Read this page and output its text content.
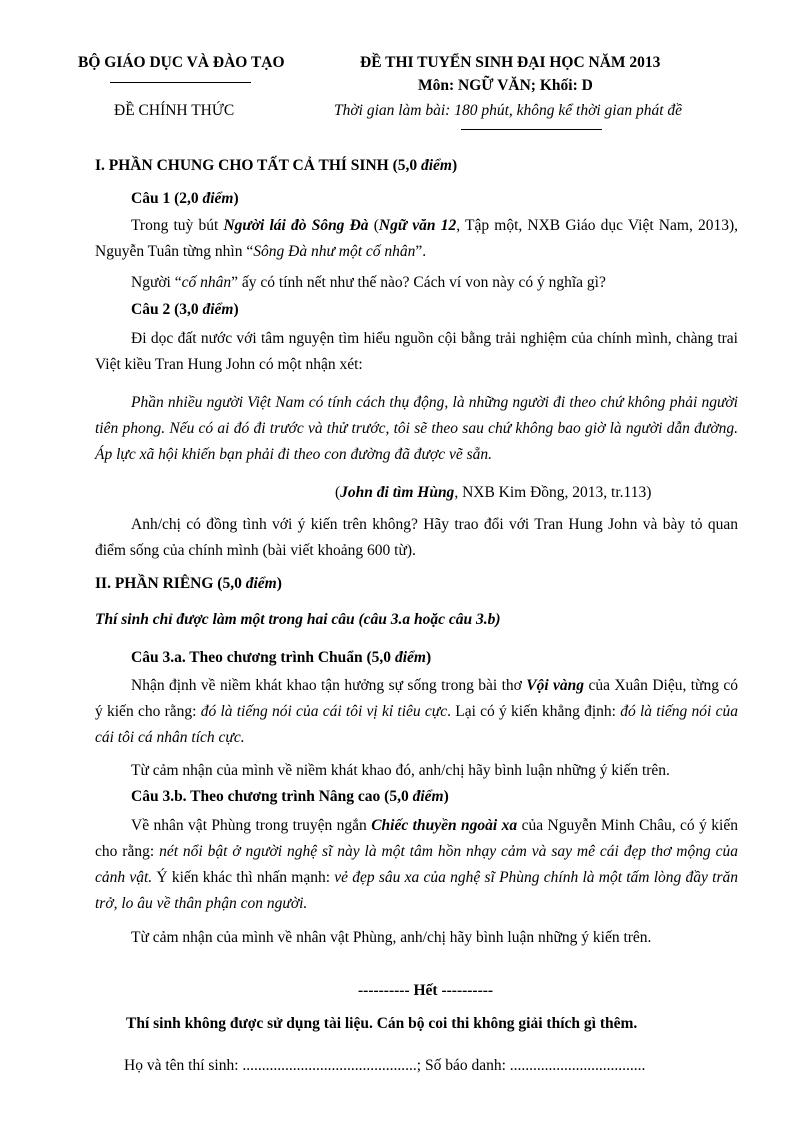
BỘ GIÁO DỤC VÀ ĐÀO TẠO
ĐỀ CHÍNH THỨC
ĐỀ THI TUYỂN SINH ĐẠI HỌC NĂM 2013
Môn: NGỮ VĂN; Khối: D
Thời gian làm bài: 180 phút, không kể thời gian phát đề
I. PHẦN CHUNG CHO TẤT CẢ THÍ SINH (5,0 điểm)
Câu 1 (2,0 điểm)
Trong tuỳ bút Người lái đò Sông Đà (Ngữ văn 12, Tập một, NXB Giáo dục Việt Nam, 2013), Nguyễn Tuân từng nhìn “Sông Đà như một cố nhân”.
Người “cố nhân” ấy có tính nết như thế nào? Cách ví von này có ý nghĩa gì?
Câu 2 (3,0 điểm)
Đi dọc đất nước với tâm nguyện tìm hiểu nguồn cội bằng trải nghiệm của chính mình, chàng trai Việt kiều Tran Hung John có một nhận xét:
Phần nhiều người Việt Nam có tính cách thụ động, là những người đi theo chứ không phải người tiên phong. Nếu có ai đó đi trước và thử trước, tôi sẽ theo sau chứ không bao giờ là người dẫn đường. Áp lực xã hội khiến bạn phải đi theo con đường đã được vẽ sẵn.
(John đi tìm Hùng, NXB Kim Đồng, 2013, tr.113)
Anh/chị có đồng tình với ý kiến trên không? Hãy trao đổi với Tran Hung John và bày tỏ quan điểm sống của chính mình (bài viết khoảng 600 từ).
II. PHẦN RIÊNG (5,0 điểm)
Thí sinh chỉ được làm một trong hai câu (câu 3.a hoặc câu 3.b)
Câu 3.a. Theo chương trình Chuẩn (5,0 điểm)
Nhận định về niềm khát khao tận hưởng sự sống trong bài thơ Vội vàng của Xuân Diệu, từng có ý kiến cho rằng: đó là tiếng nói của cái tôi vị kỉ tiêu cực. Lại có ý kiến khẳng định: đó là tiếng nói của cái tôi cá nhân tích cực.
Từ cảm nhận của mình về niềm khát khao đó, anh/chị hãy bình luận những ý kiến trên.
Câu 3.b. Theo chương trình Nâng cao (5,0 điểm)
Về nhân vật Phùng trong truyện ngắn Chiếc thuyền ngoài xa của Nguyễn Minh Châu, có ý kiến cho rằng: nét nổi bật ở người nghệ sĩ này là một tâm hồn nhạy cảm và say mê cái đẹp thơ mộng của cảnh vật. Ý kiến khác thì nhấn mạnh: vẻ đẹp sâu xa của nghệ sĩ Phùng chính là một tấm lòng đầy trăn trở, lo âu về thân phận con người.
Từ cảm nhận của mình về nhân vật Phùng, anh/chị hãy bình luận những ý kiến trên.
---------- Hết ----------
Thí sinh không được sử dụng tài liệu. Cán bộ coi thi không giải thích gì thêm.
Họ và tên thí sinh: .............................................; Số báo danh: ...................................
